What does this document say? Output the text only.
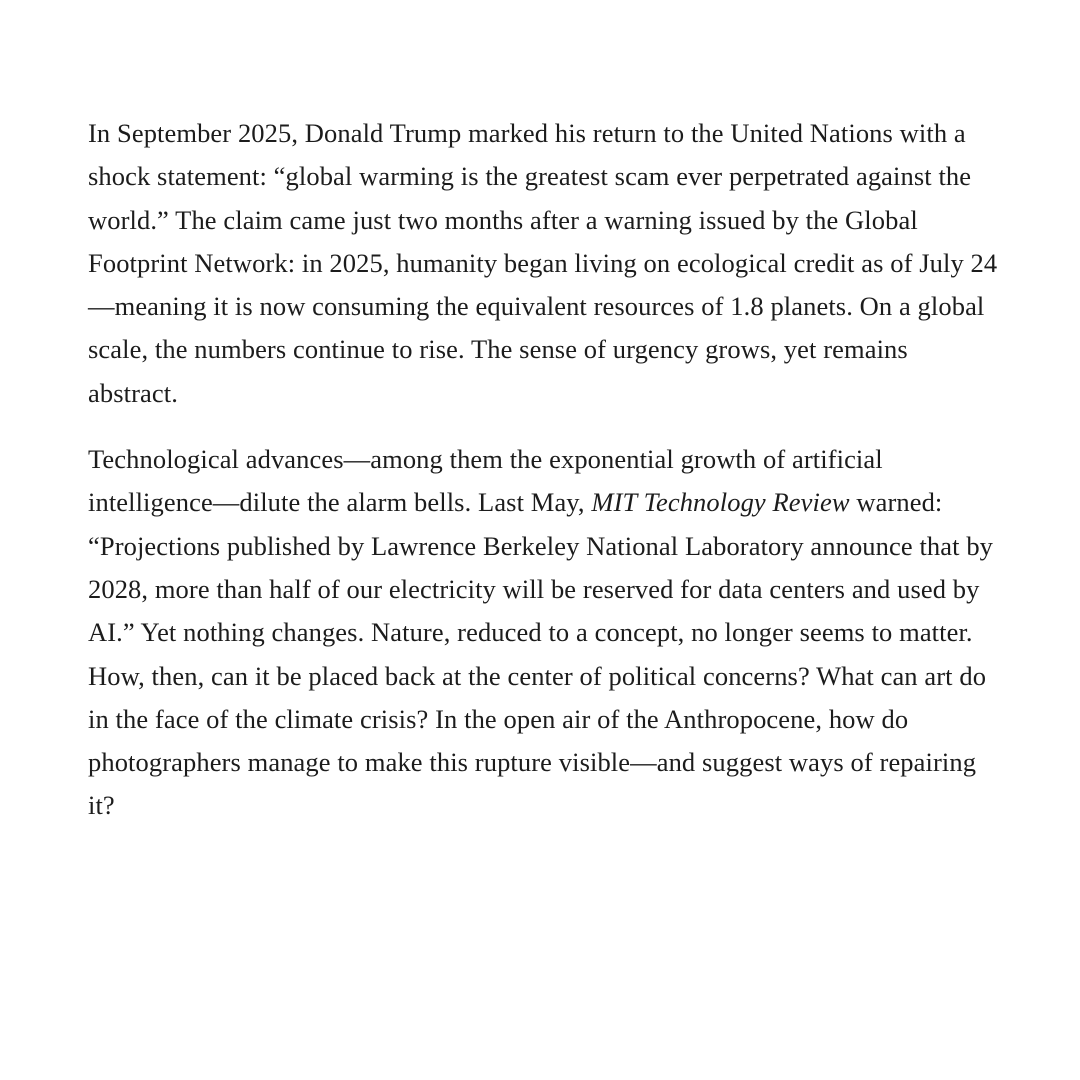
In September 2025, Donald Trump marked his return to the United Nations with a shock statement: “global warming is the greatest scam ever perpetrated against the world.” The claim came just two months after a warning issued by the Global Footprint Network: in 2025, humanity began living on ecological credit as of July 24—meaning it is now consuming the equivalent resources of 1.8 planets. On a global scale, the numbers continue to rise. The sense of urgency grows, yet remains abstract.

Technological advances—among them the exponential growth of artificial intelligence—dilute the alarm bells. Last May, MIT Technology Review warned: “Projections published by Lawrence Berkeley National Laboratory announce that by 2028, more than half of our electricity will be reserved for data centers and used by AI.” Yet nothing changes. Nature, reduced to a concept, no longer seems to matter. How, then, can it be placed back at the center of political concerns? What can art do in the face of the climate crisis? In the open air of the Anthropocene, how do photographers manage to make this rupture visible—and suggest ways of repairing it?
